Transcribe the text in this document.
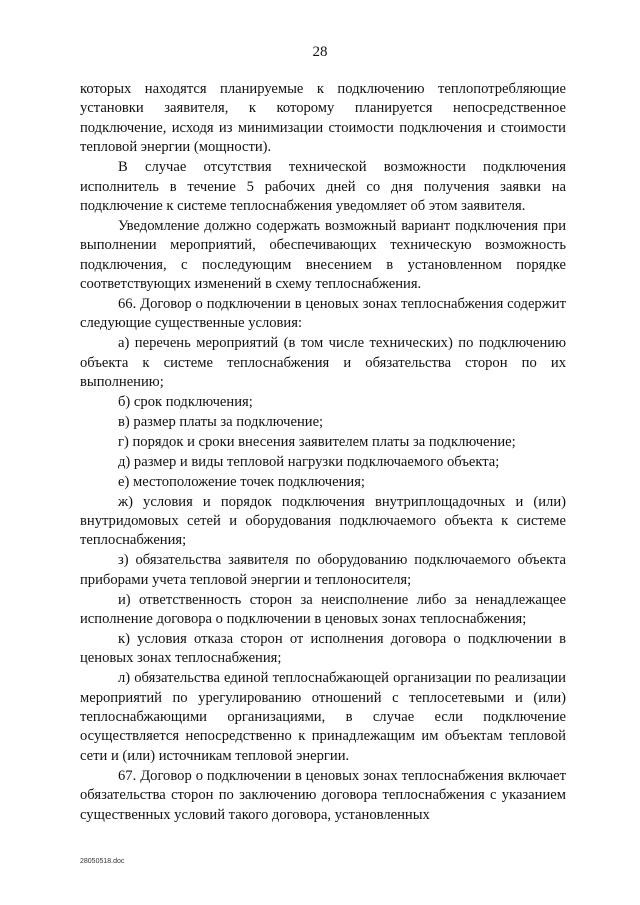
28

которых находятся планируемые к подключению теплопотребляющие установки заявителя, к которому планируется непосредственное подключение, исходя из минимизации стоимости подключения и стоимости тепловой энергии (мощности).

В случае отсутствия технической возможности подключения исполнитель в течение 5 рабочих дней со дня получения заявки на подключение к системе теплоснабжения уведомляет об этом заявителя.

Уведомление должно содержать возможный вариант подключения при выполнении мероприятий, обеспечивающих техническую возможность подключения, с последующим внесением в установленном порядке соответствующих изменений в схему теплоснабжения.

66. Договор о подключении в ценовых зонах теплоснабжения содержит следующие существенные условия:

а) перечень мероприятий (в том числе технических) по подключению объекта к системе теплоснабжения и обязательства сторон по их выполнению;

б) срок подключения;

в) размер платы за подключение;

г) порядок и сроки внесения заявителем платы за подключение;

д) размер и виды тепловой нагрузки подключаемого объекта;

е) местоположение точек подключения;

ж) условия и порядок подключения внутриплощадочных и (или) внутридомовых сетей и оборудования подключаемого объекта к системе теплоснабжения;

з) обязательства заявителя по оборудованию подключаемого объекта приборами учета тепловой энергии и теплоносителя;

и) ответственность сторон за неисполнение либо за ненадлежащее исполнение договора о подключении в ценовых зонах теплоснабжения;

к) условия отказа сторон от исполнения договора о подключении в ценовых зонах теплоснабжения;

л) обязательства единой теплоснабжающей организации по реализации мероприятий по урегулированию отношений с теплосетевыми и (или) теплоснабжающими организациями, в случае если подключение осуществляется непосредственно к принадлежащим им объектам тепловой сети и (или) источникам тепловой энергии.

67. Договор о подключении в ценовых зонах теплоснабжения включает обязательства сторон по заключению договора теплоснабжения с указанием существенных условий такого договора, установленных

28050518.doc
